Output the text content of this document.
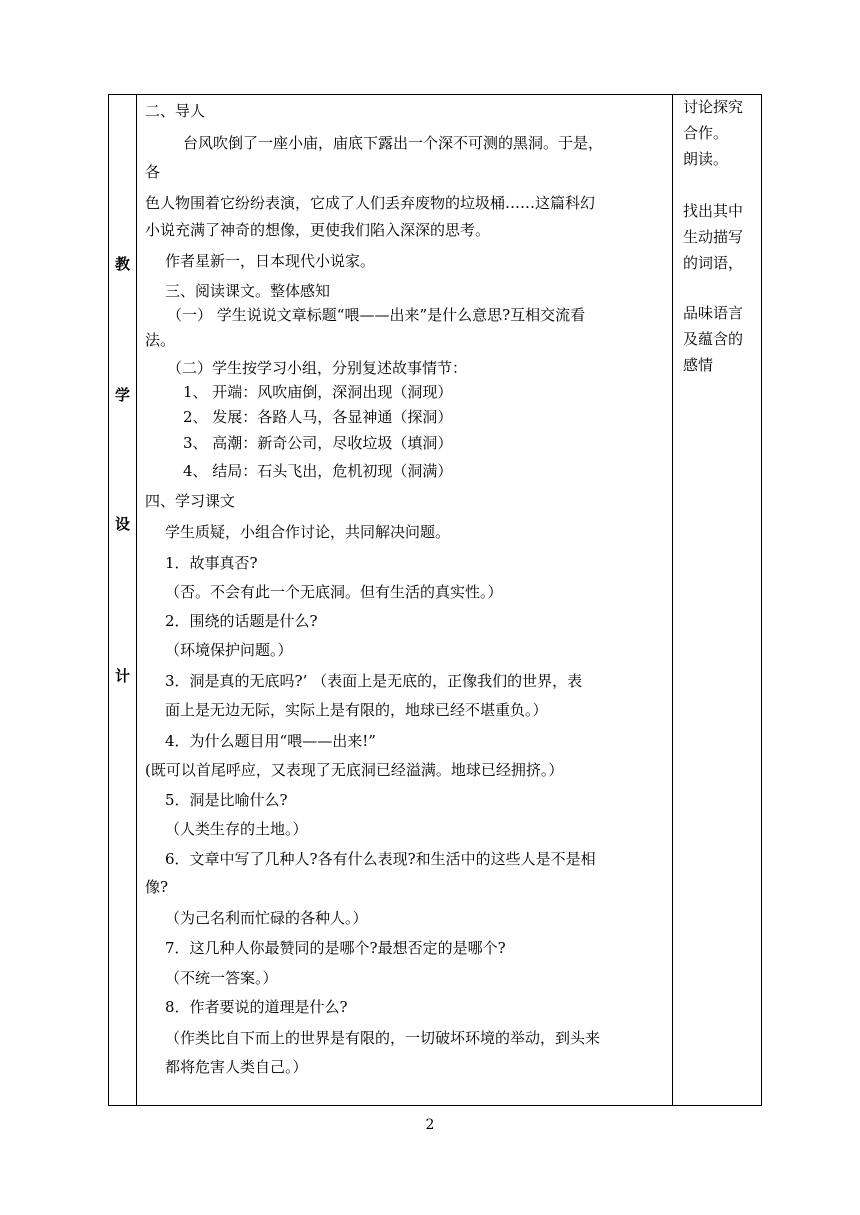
教
学
设
计
二、导人
台风吹倒了一座小庙，庙底下露出一个深不可测的黑洞。于是，
各
色人物围着它纷纷表演，它成了人们丢弃废物的垃圾桶……这篇科幻
小说充满了神奇的想像，更使我们陷入深深的思考。
作者星新一，日本现代小说家。
三、阅读课文。整体感知
（一） 学生说说文章标题“喂——出来”是什么意思?互相交流看
法。
（二）学生按学习小组，分别复述故事情节：
1、 开端：风吹庙倒，深洞出现（洞现）
2、 发展：各路人马，各显神通（探洞）
3、 高潮：新奇公司，尽收垃圾（填洞）
4、 结局：石头飞出，危机初现（洞满）
四、学习课文
学生质疑，小组合作讨论，共同解决问题。
1．故事真否?
（否。不会有此一个无底洞。但有生活的真实性。）
2．围绕的话题是什么?
（环境保护问题。）
3．洞是真的无底吗?’ （表面上是无底的，正像我们的世界，表
面上是无边无际，实际上是有限的，地球已经不堪重负。）
4．为什么题目用“喂——出来!”
(既可以首尾呼应，又表现了无底洞已经溢满。地球已经拥挤。）
5．洞是比喻什么?
（人类生存的土地。）
6．文章中写了几种人?各有什么表现?和生活中的这些人是不是相
像?
（为己名利而忙碌的各种人。）
7．这几种人你最赞同的是哪个?最想否定的是哪个?
（不统一答案。）
8．作者要说的道理是什么?
（作类比自下而上的世界是有限的，一切破坏环境的举动，到头来
都将危害人类自己。）
讨论探究
合作。
朗读。
找出其中
生动描写
的词语，
品味语言
及蕴含的
感情
2
